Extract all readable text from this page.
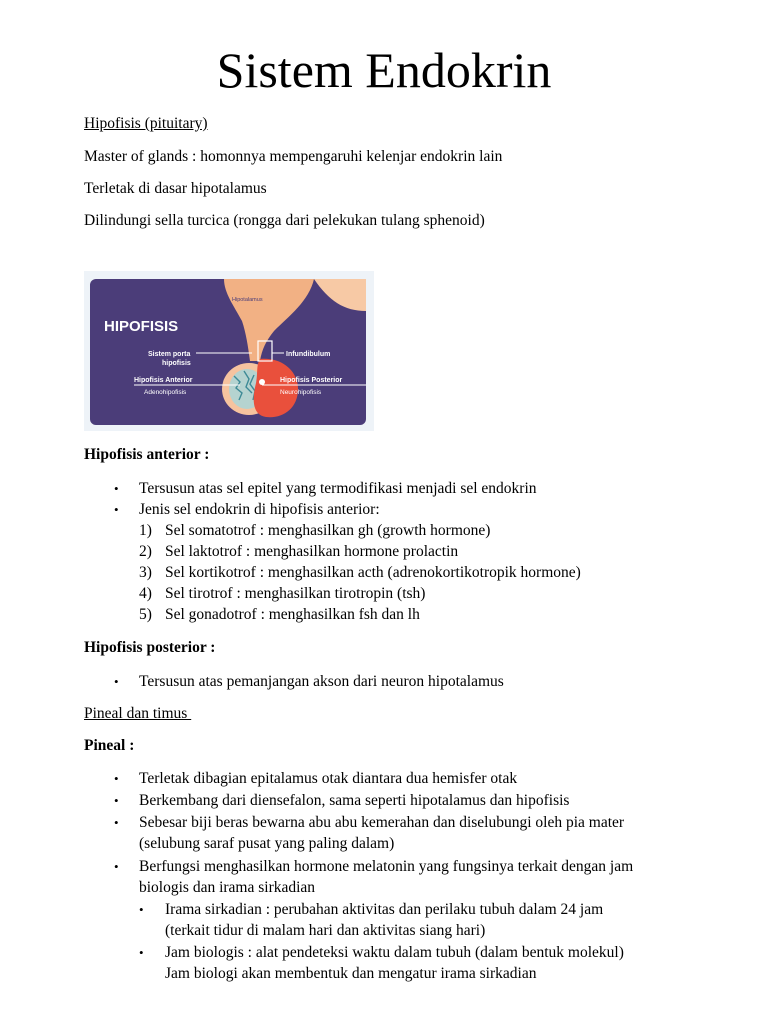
Sistem Endokrin
Hipofisis (pituitary)
Master of glands : homonnya mempengaruhi kelenjar endokrin lain
Terletak di dasar hipotalamus
Dilindungi sella turcica (rongga dari pelekukan tulang sphenoid)
HIPOFISIS
Hipotalamus
Infundibulum
Sistem porta
hipofisis
Hipofisis Anterior
Adenohipofisis
Hipofisis Posterior
Neurohipofisis
Hipofisis anterior :
• Tersusun atas sel epitel yang termodifikasi menjadi sel endokrin
• Jenis sel endokrin di hipofisis anterior:
1) Sel somatotrof : menghasilkan gh (growth hormone)
2) Sel laktotrof : menghasilkan hormone prolactin
3) Sel kortikotrof : menghasilkan acth (adrenokortikotropik hormone)
4) Sel tirotrof : menghasilkan tirotropin (tsh)
5) Sel gonadotrof : menghasilkan fsh dan lh
Hipofisis posterior :
• Tersusun atas pemanjangan akson dari neuron hipotalamus
Pineal dan timus
Pineal :
• Terletak dibagian epitalamus otak diantara dua hemisfer otak
• Berkembang dari diensefalon, sama seperti hipotalamus dan hipofisis
• Sebesar biji beras bewarna abu abu kemerahan dan diselubungi oleh pia mater
(selubung saraf pusat yang paling dalam)
• Berfungsi menghasilkan hormone melatonin yang fungsinya terkait dengan jam
biologis dan irama sirkadian
• Irama sirkadian : perubahan aktivitas dan perilaku tubuh dalam 24 jam
(terkait tidur di malam hari dan aktivitas siang hari)
• Jam biologis : alat pendeteksi waktu dalam tubuh (dalam bentuk molekul)
Jam biologi akan membentuk dan mengatur irama sirkadian
